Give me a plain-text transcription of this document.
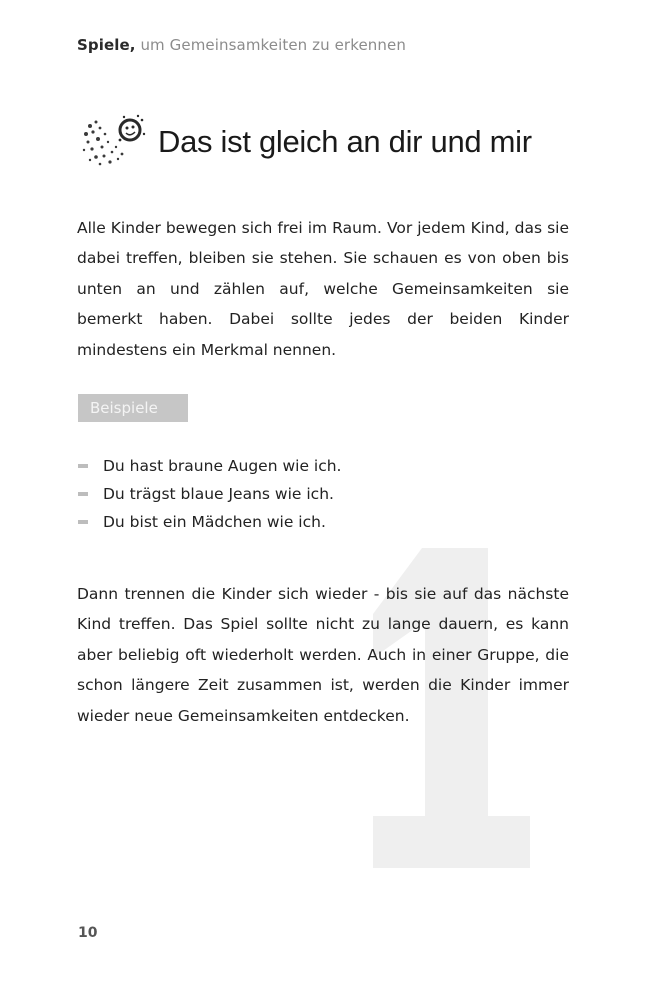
Spiele, um Gemeinsamkeiten zu erkennen
Das ist gleich an dir und mir

Alle Kinder bewegen sich frei im Raum. Vor jedem Kind, das sie dabei treffen, bleiben sie stehen. Sie schauen es von oben bis unten an und zählen auf, welche Gemeinsamkeiten sie bemerkt haben. Dabei sollte jedes der beiden Kinder mindestens ein Merkmal nennen.

Beispiele
Du hast braune Augen wie ich.
Du trägst blaue Jeans wie ich.
Du bist ein Mädchen wie ich.

Dann trennen die Kinder sich wieder - bis sie auf das nächste Kind treffen. Das Spiel sollte nicht zu lange dauern, es kann aber beliebig oft wiederholt werden. Auch in einer Gruppe, die schon längere Zeit zusammen ist, werden die Kinder immer wieder neue Gemeinsamkeiten entdecken.

10
